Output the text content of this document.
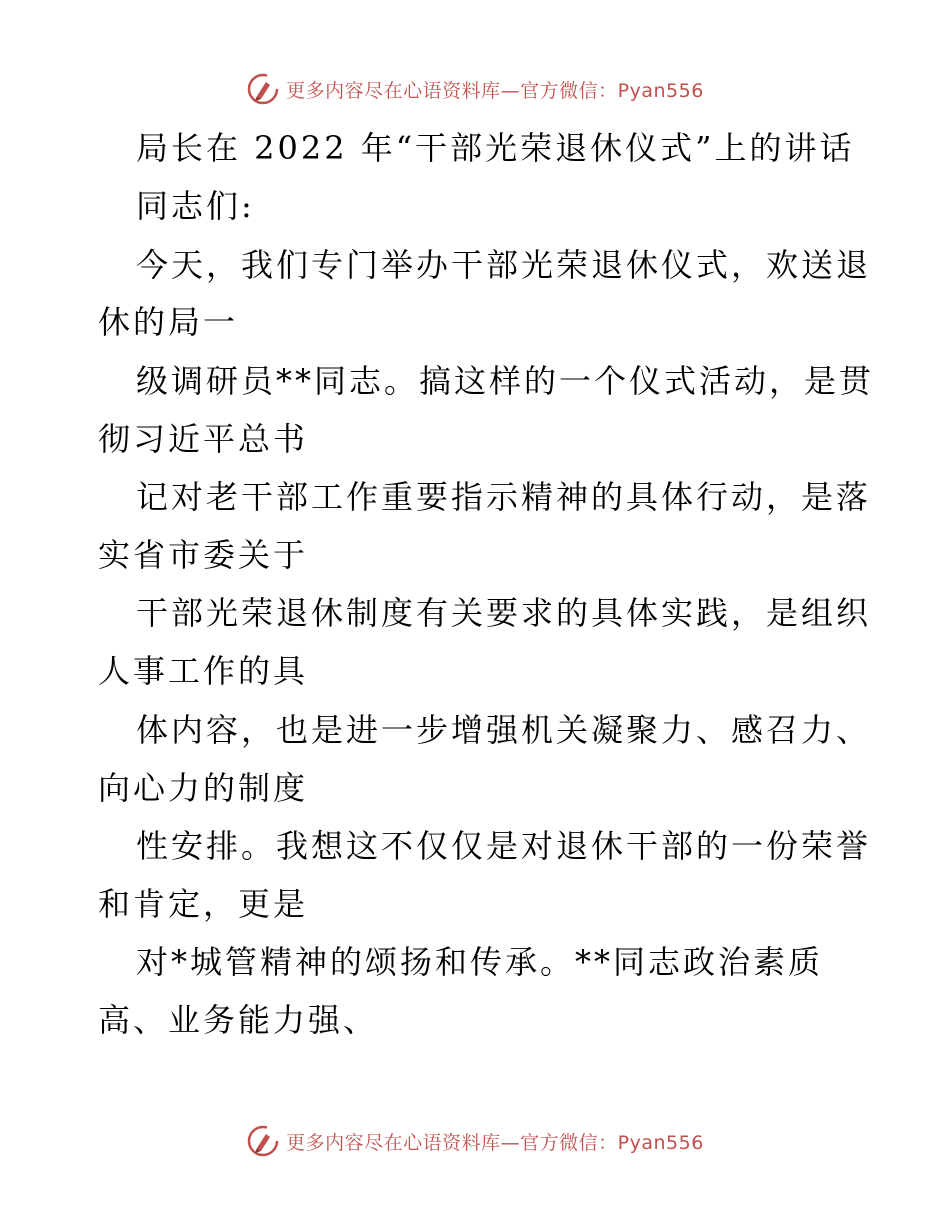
更多内容尽在心语资料库—官方微信：Pyan556
局长在 2022 年“干部光荣退休仪式”上的讲话
同志们:
今天，我们专门举办干部光荣退休仪式，欢送退
休的局一
级调研员**同志。搞这样的一个仪式活动，是贯
彻习近平总书
记对老干部工作重要指示精神的具体行动，是落
实省市委关于
干部光荣退休制度有关要求的具体实践，是组织
人事工作的具
体内容，也是进一步增强机关凝聚力、感召力、
向心力的制度
性安排。我想这不仅仅是对退休干部的一份荣誉
和肯定，更是
对*城管精神的颂扬和传承。**同志政治素质
高、业务能力强、
更多内容尽在心语资料库—官方微信：Pyan556
